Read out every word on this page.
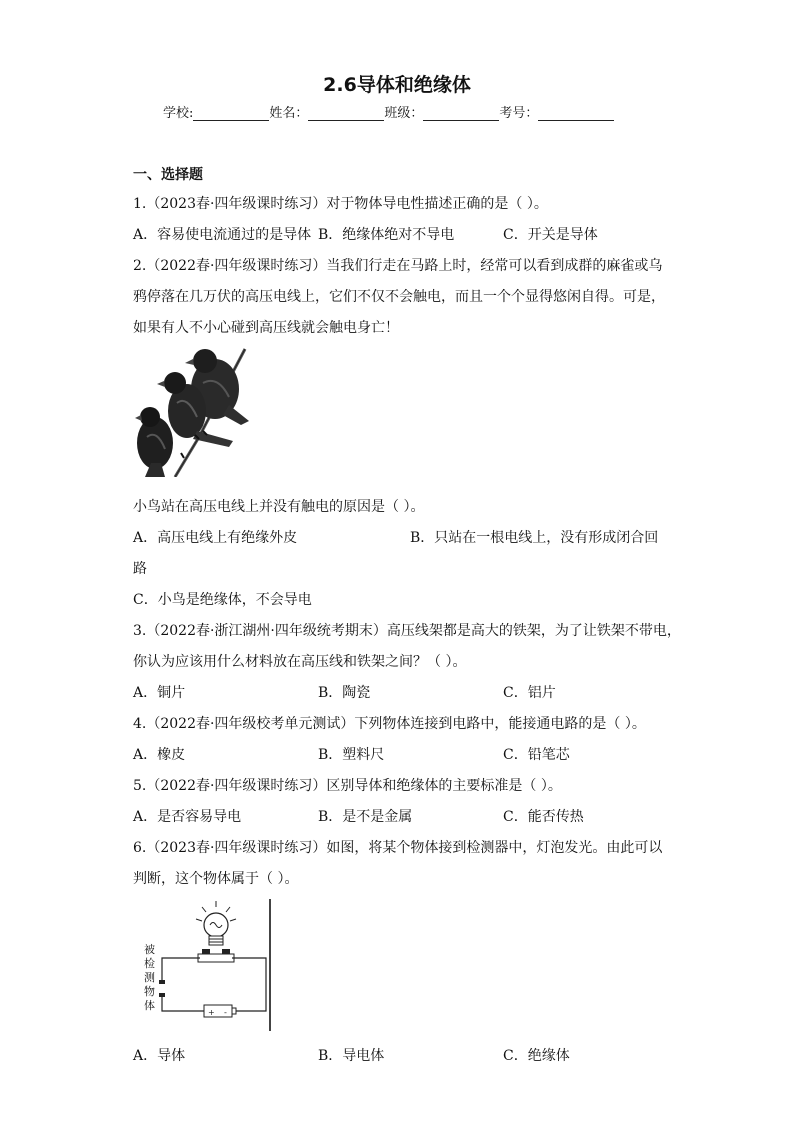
2.6导体和绝缘体
学校:	姓名：	班级：	考号：
一、选择题
1.（2023春·四年级课时练习）对于物体导电性描述正确的是（ ）。
A．容易使电流通过的是导体 B．绝缘体绝对不导电	C．开关是导体
2.（2022春·四年级课时练习）当我们行走在马路上时，经常可以看到成群的麻雀或乌
鸦停落在几万伏的高压电线上，它们不仅不会触电，而且一个个显得悠闲自得。可是，
如果有人不小心碰到高压线就会触电身亡！
小鸟站在高压电线上并没有触电的原因是（ ）。
A．高压电线上有绝缘外皮	B．只站在一根电线上，没有形成闭合回
路
C．小鸟是绝缘体，不会导电
3.（2022春·浙江湖州·四年级统考期末）高压线架都是高大的铁架，为了让铁架不带电，
你认为应该用什么材料放在高压线和铁架之间？（ ）。
A．铜片	B．陶瓷	C．铝片
4.（2022春·四年级校考单元测试）下列物体连接到电路中，能接通电路的是（ ）。
A．橡皮	B．塑料尺	C．铅笔芯
5.（2022春·四年级课时练习）区别导体和绝缘体的主要标准是（ ）。
A．是否容易导电	B．是不是金属	C．能否传热
6.（2023春·四年级课时练习）如图，将某个物体接到检测器中，灯泡发光。由此可以
判断，这个物体属于（ ）。
+ -
被
检
测
物
体
A．导体	B．导电体	C．绝缘体
